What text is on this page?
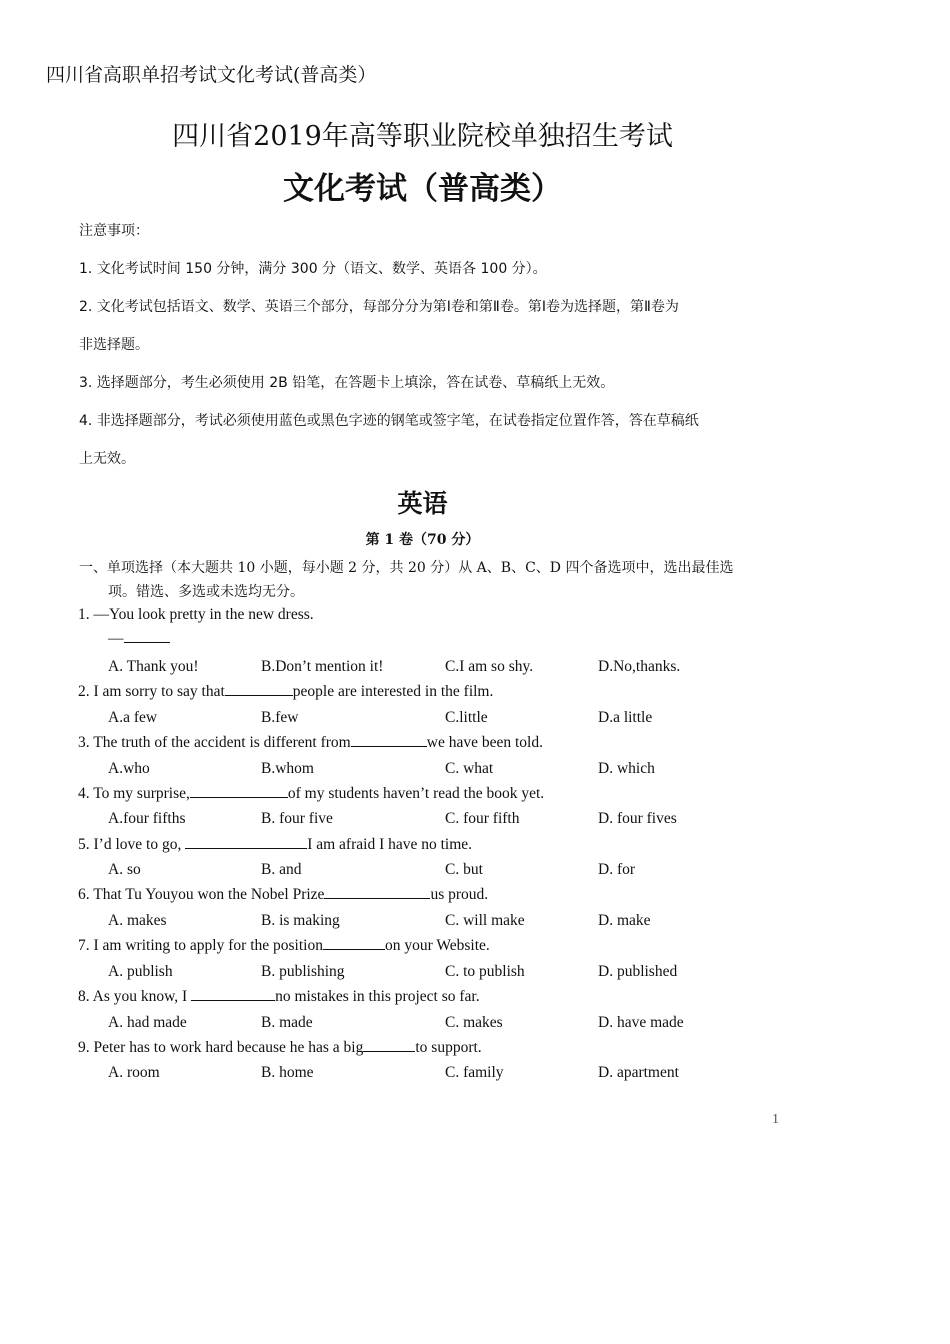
四川省高职单招考试文化考试(普高类）
四川省2019年高等职业院校单独招生考试
文化考试（普高类）
注意事项：
1. 文化考试时间 150 分钟，满分 300 分（语文、数学、英语各 100 分）。
2. 文化考试包括语文、数学、英语三个部分，每部分分为第Ⅰ卷和第Ⅱ卷。第Ⅰ卷为选择题，第Ⅱ卷为
非选择题。
3. 选择题部分，考生必须使用 2B 铅笔，在答题卡上填涂，答在试卷、草稿纸上无效。
4. 非选择题部分，考试必须使用蓝色或黑色字迹的钢笔或签字笔，在试卷指定位置作答，答在草稿纸
上无效。
英语
第 1 卷（70 分）
一、单项选择（本大题共 10 小题，每小题 2 分，共 20 分）从 A、B、C、D 四个备选项中，选出最佳选
项。错选、多选或未选均无分。
1. —You look pretty in the new dress.
—
A. Thank you!	B.Don’t mention it!	C.I am so shy.	D.No,thanks.
2. I am sorry to say that	people are interested in the film.
A.a few	B.few	C.little	D.a little
3. The truth of the accident is different from	we have been told.
A.who	B.whom	C. what	D. which
4. To my surprise,	of my students haven’t read the book yet.
A.four fifths	B. four five	C. four fifth	D. four fives
5. I’d love to go,	I am afraid I have no time.
A. so	B. and	C. but	D. for
6. That Tu Youyou won the Nobel Prize	us proud.
A. makes	B. is making	C. will make	D. make
7. I am writing to apply for the position	on your Website.
A. publish	B. publishing	C. to publish	D. published
8. As you know, I	no mistakes in this project so far.
A. had made	B. made	C. makes	D. have made
9. Peter has to work hard because he has a big	to support.
A. room	B. home	C. family	D. apartment
1
